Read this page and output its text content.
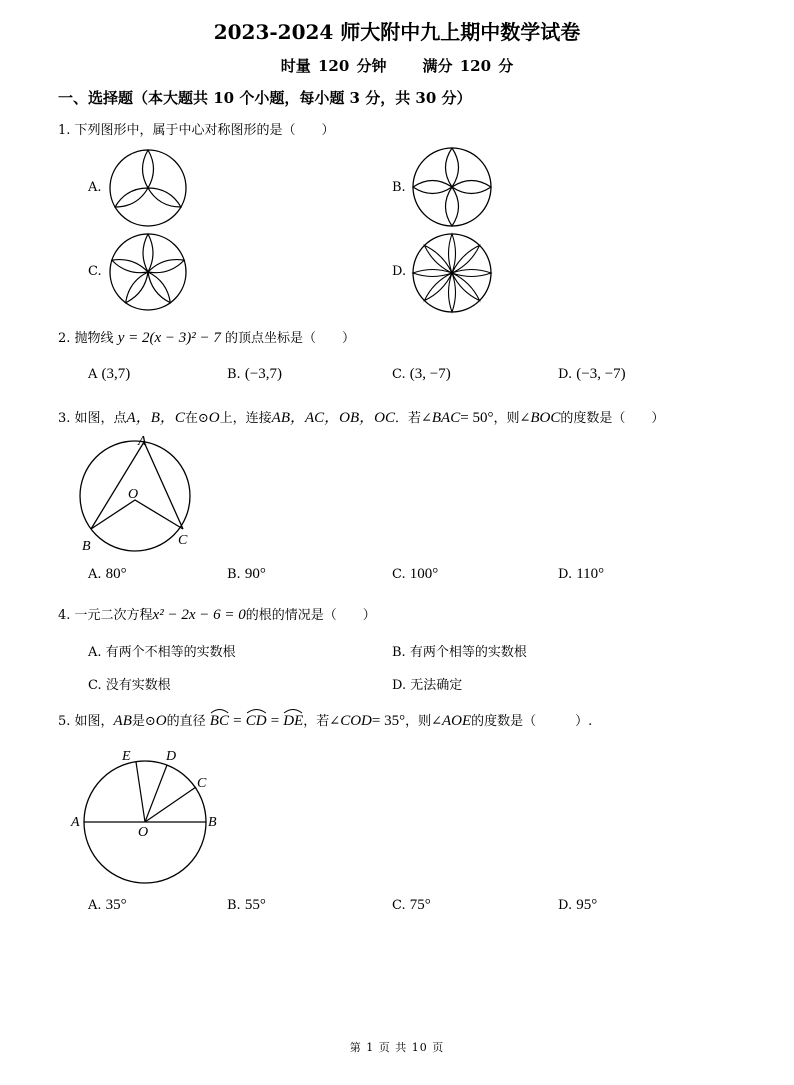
2023-2024 师大附中九上期中数学试卷
时量 120 分钟 满分 120 分
一、选择题（本大题共 10 个小题，每小题 3 分，共 30 分）
1. 下列图形中，属于中心对称图形的是（　　）
A.	B.
C.	D.
2. 抛物线 y = 2(x − 3)² − 7 的顶点坐标是（　　）
A (3,7)	B. (−3,7)	C. (3, −7)	D. (−3, −7)
3. 如图，点A，B，C在⊙O上，连接AB，AC，OB，OC．若∠BAC= 50°，则∠BOC的度数是（　　）
A
O
B	C
A. 80°	B. 90°	C. 100°	D. 110°
4. 一元二次方程x² − 2x − 6 = 0的根的情况是（　　）
A. 有两个不相等的实数根	B. 有两个相等的实数根
C. 没有实数根	D. 无法确定
5. 如图，AB是⊙O的直径 BC = CD = DE，若∠COD= 35°，则∠AOE的度数是（　　　）.
E	D
C
A	B
O
A. 35°	B. 55°	C. 75°	D. 95°
第 1 页 共 10 页
